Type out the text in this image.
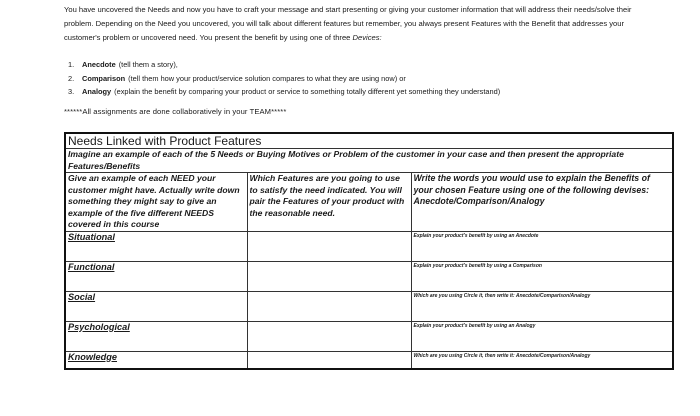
You have uncovered the Needs and now you have to craft your message and start presenting or giving your customer information that will address their needs/solve their problem. Depending on the Need you uncovered, you will talk about different features but remember, you always present Features with the Benefit that addresses your customer's problem or uncovered need. You present the benefit by using one of three Devices:

1.	Anecdote (tell them a story),
2.	Comparison (tell them how your product/service solution compares to what they are using now) or
3.	Analogy (explain the benefit by comparing your product or service to something totally different yet something they understand)
******All assignments are done collaboratively in your TEAM*****
Needs Linked with Product Features		
Imagine an example of each of the 5 Needs or Buying Motives or Problem of the customer in your case and then present the appropriate Features/Benefits		
Give an example of each NEED your customer might have. Actually write down something they might say to give an example of the five different NEEDS covered in this course	Which Features are you going to use to satisfy the need indicated. You will pair the Features of your product with the reasonable need.	Write the words you would use to explain the Benefits of your chosen Feature using one of the following devises: Anecdote/Comparison/Analogy
Situational		Explain your product's benefit by using an Anecdote
Functional		Explain your product's benefit by using a Comparison
Social		Which are you using Circle it, then write it: Anecdote/Comparison/Analogy
Psychological		Explain your product's benefit by using an Analogy
Knowledge		Which are you using Circle it, then write it: Anecdote/Comparison/Analogy
